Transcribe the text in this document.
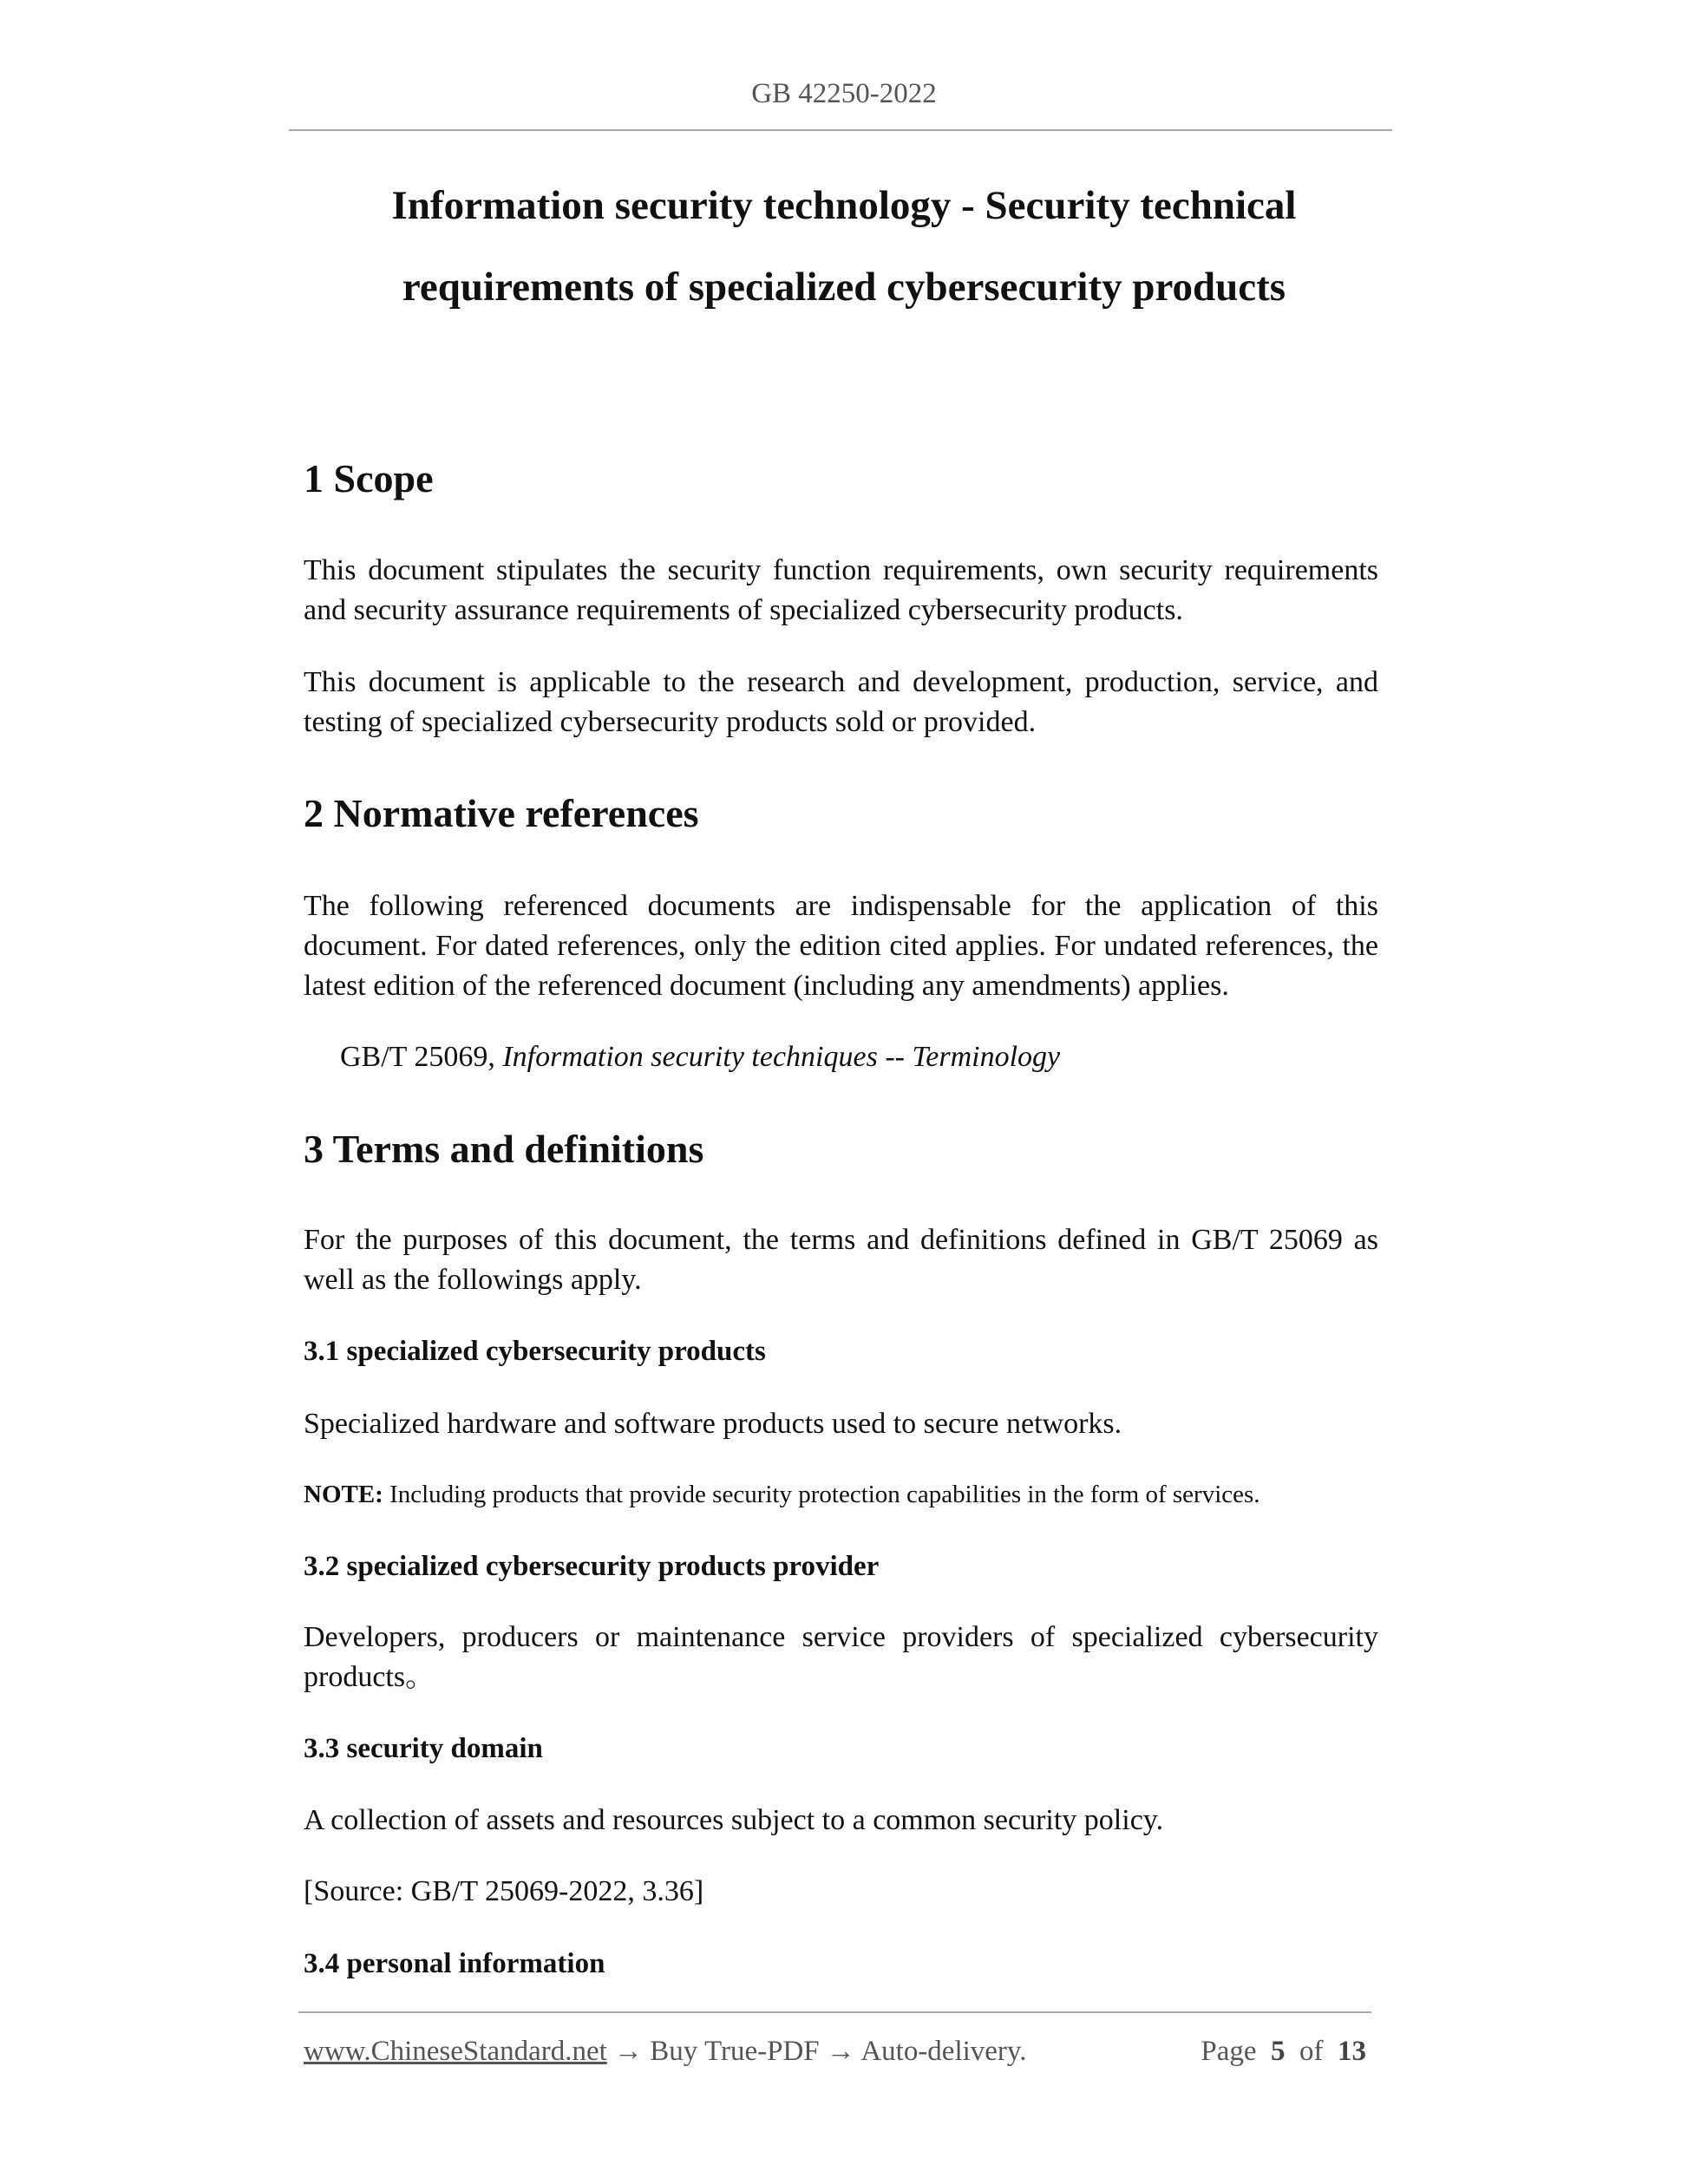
GB 42250-2022
Information security technology - Security technical
requirements of specialized cybersecurity products
1 Scope
This document stipulates the security function requirements, own security requirements and security assurance requirements of specialized cybersecurity products.
This document is applicable to the research and development, production, service, and testing of specialized cybersecurity products sold or provided.
2 Normative references
The following referenced documents are indispensable for the application of this document. For dated references, only the edition cited applies. For undated references, the latest edition of the referenced document (including any amendments) applies.
GB/T 25069, Information security techniques -- Terminology
3 Terms and definitions
For the purposes of this document, the terms and definitions defined in GB/T 25069 as well as the followings apply.
3.1 specialized cybersecurity products
Specialized hardware and software products used to secure networks.
NOTE: Including products that provide security protection capabilities in the form of services.
3.2 specialized cybersecurity products provider
Developers, producers or maintenance service providers of specialized cybersecurity products。
3.3 security domain
A collection of assets and resources subject to a common security policy.
[Source: GB/T 25069-2022, 3.36]
3.4 personal information
www.ChineseStandard.net → Buy True-PDF → Auto-delivery.	Page 5 of 13
